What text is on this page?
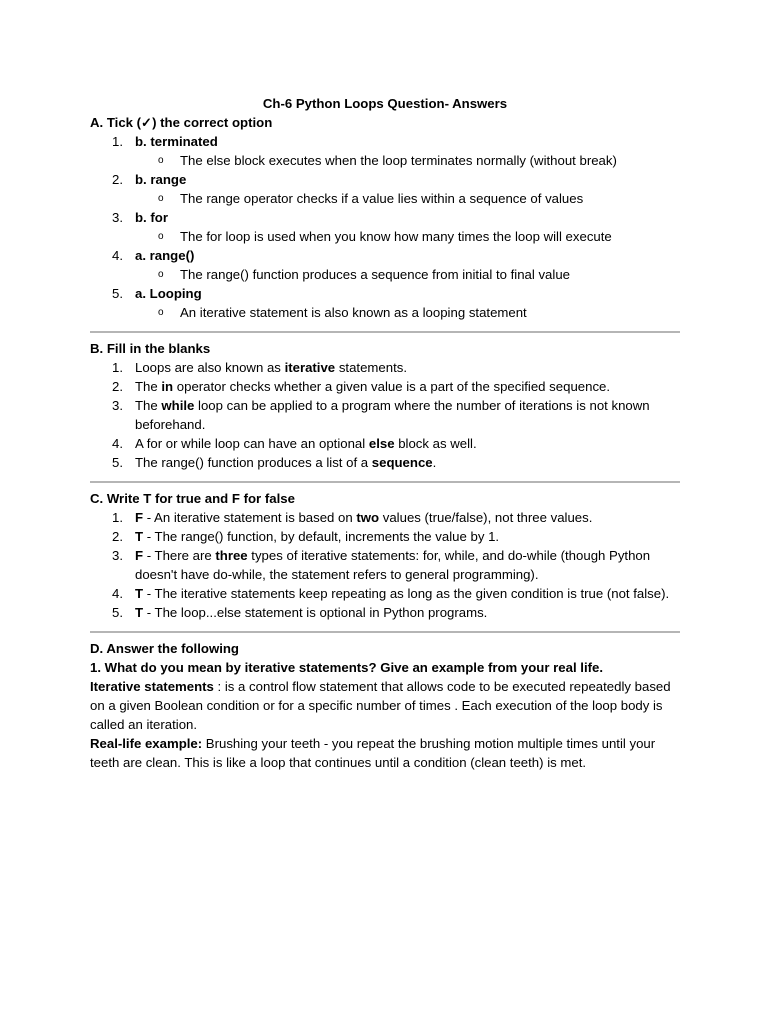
Ch-6 Python Loops Question- Answers
A. Tick (✓) the correct option
1. b. terminated
o The else block executes when the loop terminates normally (without break)
2. b. range
o The range operator checks if a value lies within a sequence of values
3. b. for
o The for loop is used when you know how many times the loop will execute
4. a. range()
o The range() function produces a sequence from initial to final value
5. a. Looping
o An iterative statement is also known as a looping statement
B. Fill in the blanks
1. Loops are also known as iterative statements.
2. The in operator checks whether a given value is a part of the specified sequence.
3. The while loop can be applied to a program where the number of iterations is not known beforehand.
4. A for or while loop can have an optional else block as well.
5. The range() function produces a list of a sequence.
C. Write T for true and F for false
1. F - An iterative statement is based on two values (true/false), not three values.
2. T - The range() function, by default, increments the value by 1.
3. F - There are three types of iterative statements: for, while, and do-while (though Python doesn't have do-while, the statement refers to general programming).
4. T - The iterative statements keep repeating as long as the given condition is true (not false).
5. T - The loop...else statement is optional in Python programs.
D. Answer the following
1. What do you mean by iterative statements? Give an example from your real life.

Iterative statements : is a control flow statement that allows code to be executed repeatedly based on a given Boolean condition or for a specific number of times . Each execution of the loop body is called an iteration.

Real-life example: Brushing your teeth - you repeat the brushing motion multiple times until your teeth are clean. This is like a loop that continues until a condition (clean teeth) is met.
